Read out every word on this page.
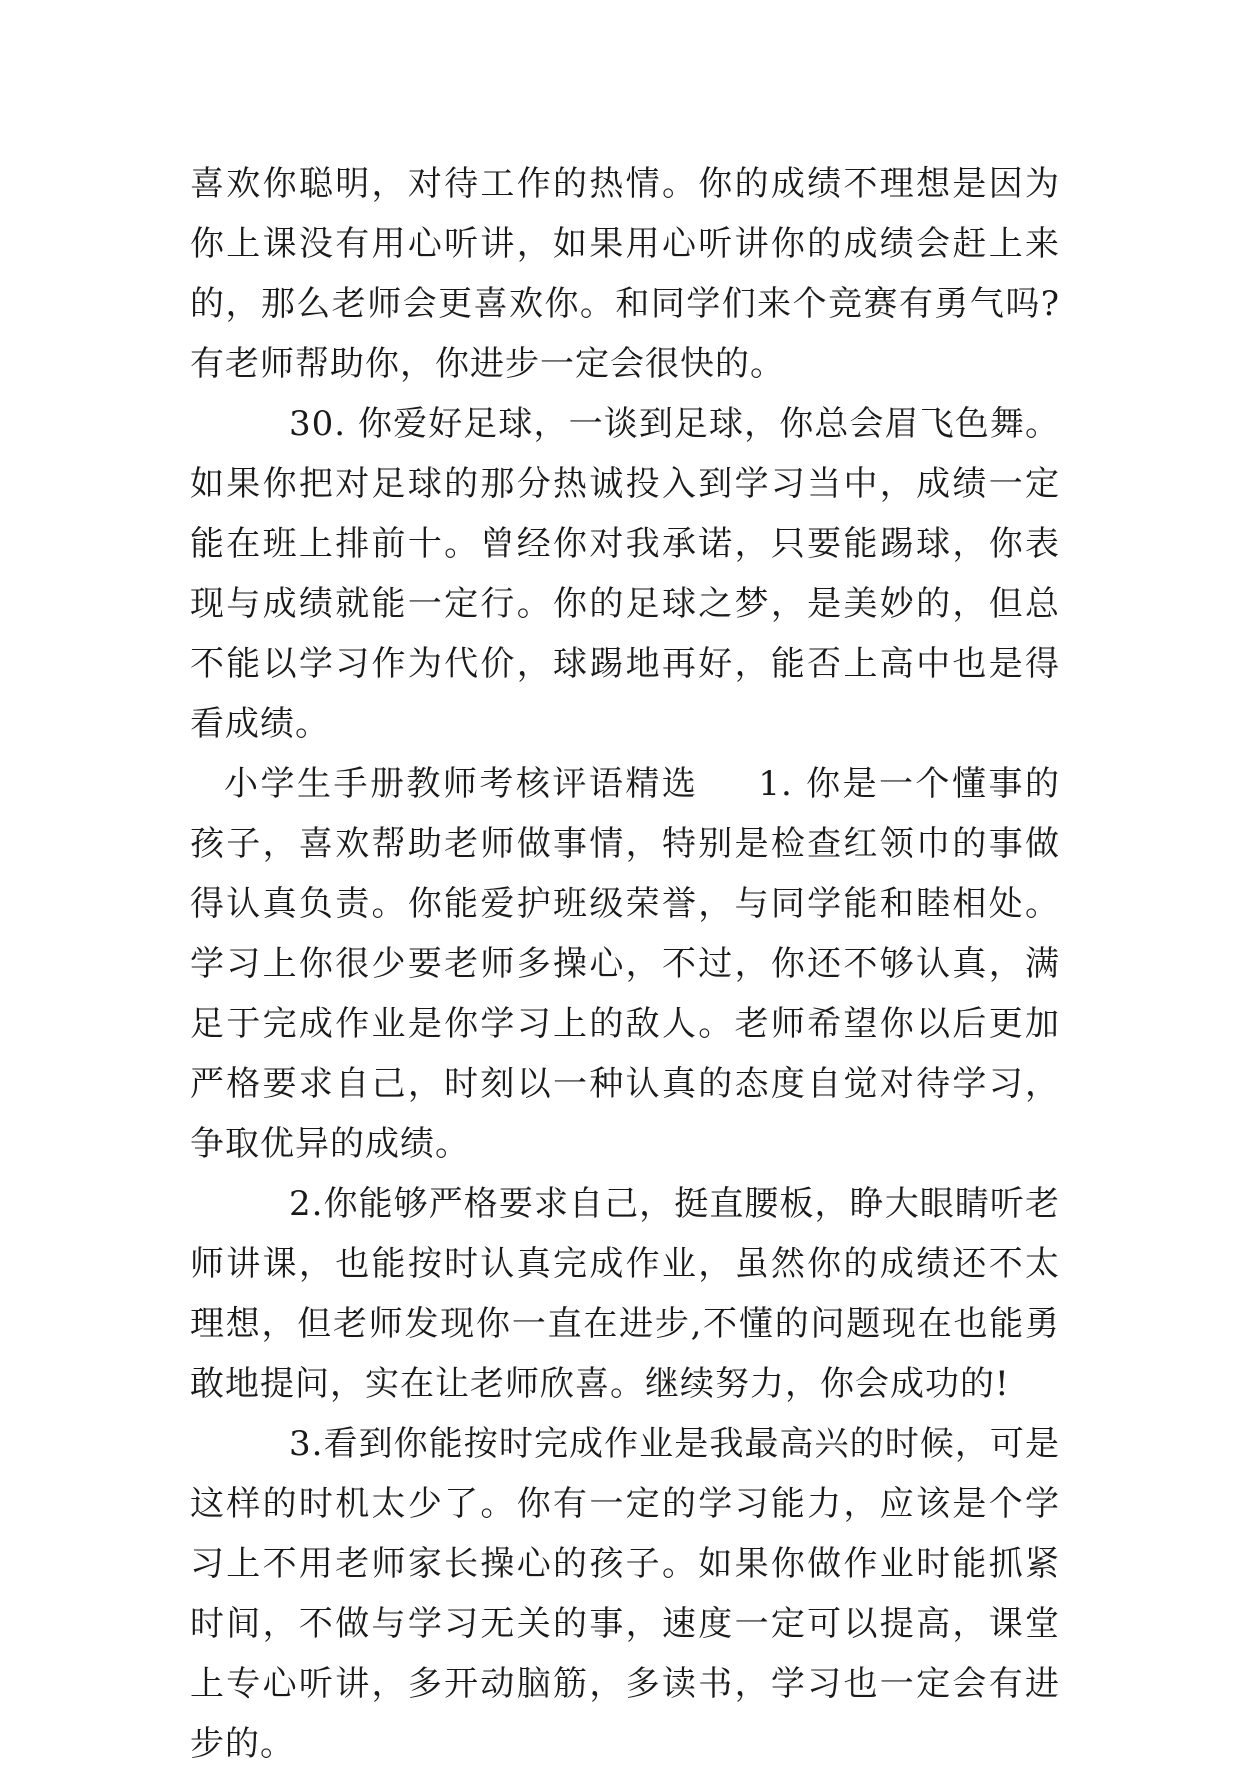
喜欢你聪明，对待工作的热情。你的成绩不理想是因为你上课没有用心听讲，如果用心听讲你的成绩会赶上来的，那么老师会更喜欢你。和同学们来个竞赛有勇气吗?有老师帮助你，你进步一定会很快的。

30. 你爱好足球，一谈到足球，你总会眉飞色舞。如果你把对足球的那分热诚投入到学习当中，成绩一定能在班上排前十。曾经你对我承诺，只要能踢球，你表现与成绩就能一定行。你的足球之梦，是美妙的，但总不能以学习作为代价，球踢地再好，能否上高中也是得看成绩。

小学生手册教师考核评语精选 1. 你是一个懂事的孩子，喜欢帮助老师做事情，特别是检查红领巾的事做得认真负责。你能爱护班级荣誉，与同学能和睦相处。学习上你很少要老师多操心，不过，你还不够认真，满足于完成作业是你学习上的敌人。老师希望你以后更加严格要求自己，时刻以一种认真的态度自觉对待学习，争取优异的成绩。

2.你能够严格要求自己，挺直腰板，睁大眼睛听老师讲课，也能按时认真完成作业，虽然你的成绩还不太理想，但老师发现你一直在进步,不懂的问题现在也能勇敢地提问，实在让老师欣喜。继续努力，你会成功的!

3.看到你能按时完成作业是我最高兴的时候，可是这样的时机太少了。你有一定的学习能力，应该是个学习上不用老师家长操心的孩子。如果你做作业时能抓紧时间，不做与学习无关的事，速度一定可以提高，课堂上专心听讲，多开动脑筋，多读书，学习也一定会有进步的。
